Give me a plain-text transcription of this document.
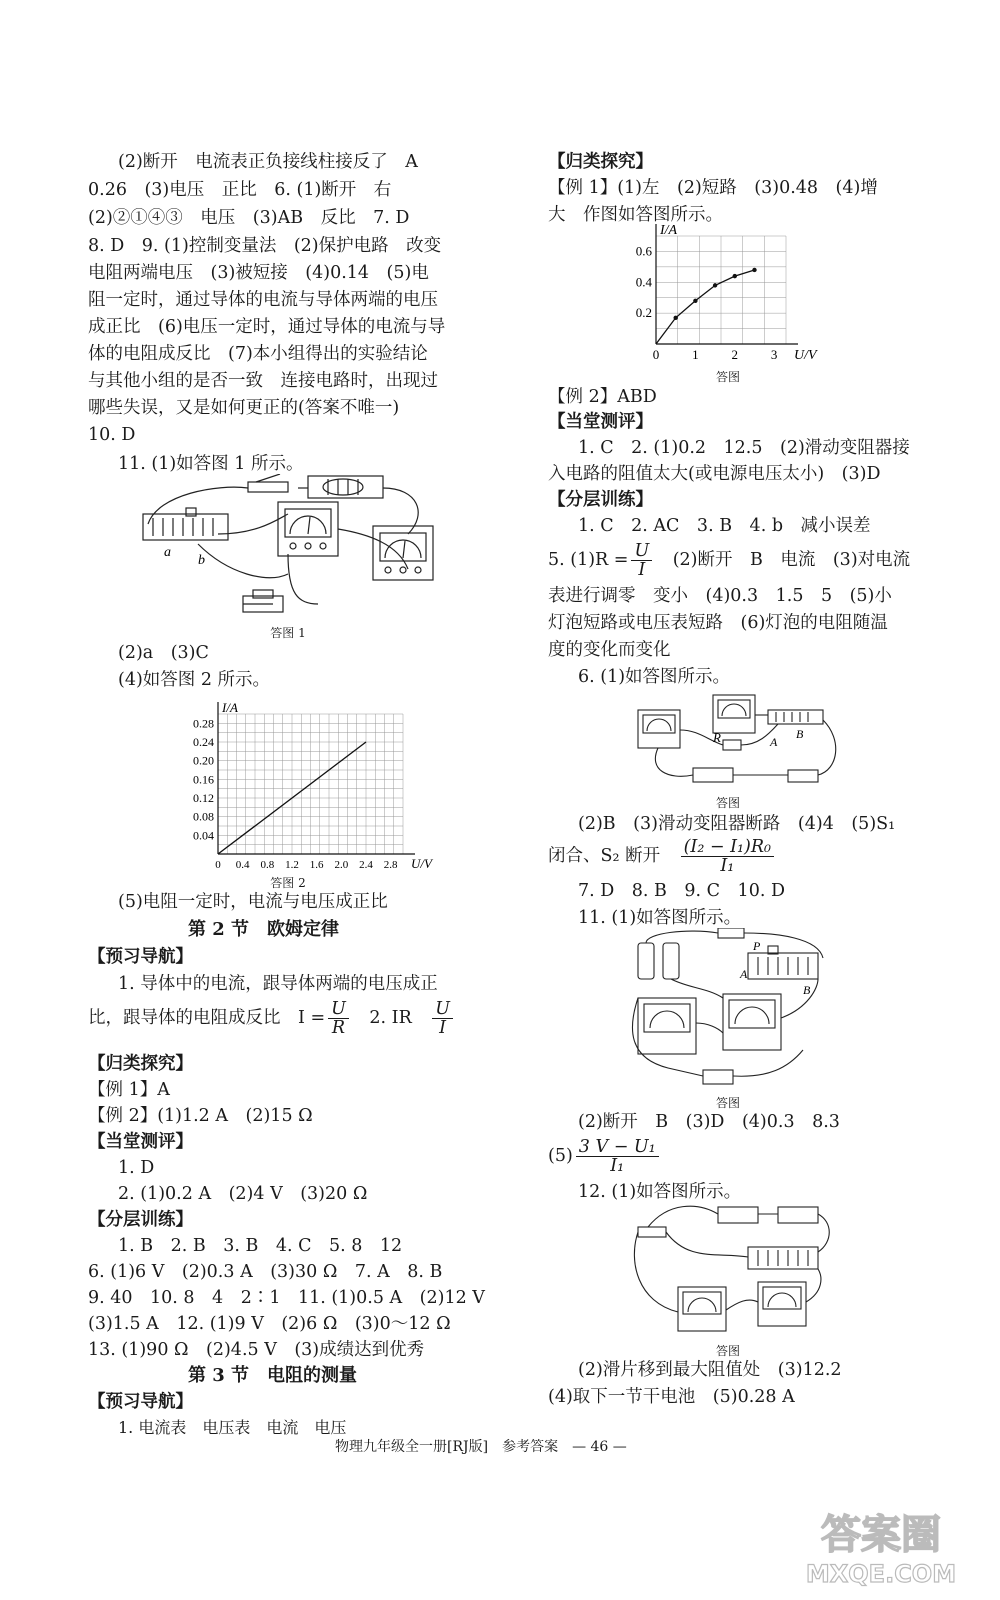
(2)断开　电流表正负接线柱接反了　A
0.26　(3)电压　正比　6. (1)断开　右
(2)②①④③　电压　(3)AB　反比　7. D
8. D　9. (1)控制变量法　(2)保护电路　改变
电阻两端电压　(3)被短接　(4)0.14　(5)电
阻一定时，通过导体的电流与导体两端的电压
成正比　(6)电压一定时，通过导体的电流与导
体的电阻成反比　(7)本小组得出的实验结论
与其他小组的是否一致　连接电路时，出现过
哪些失误，又是如何更正的(答案不唯一)
10. D
11. (1)如答图 1 所示。
a
b
答图 1
(2)a　(3)C
(4)如答图 2 所示。
0.04
0.08
0.12
0.16
0.20
0.24
0.28
0 0.4 0.8 1.2 1.6 2.0 2.4 2.8
I/A
U/V
答图 2
(5)电阻一定时，电流与电压成正比
第 2 节　欧姆定律
【预习导航】
1. 导体中的电流，跟导体两端的电压成正
比，跟导体的电阻成反比　$I = \frac{U}{R}$
　 2. IR　 $\frac{U}{I}$
【归类探究】
【例 1】A
【例 2】(1)1.2 A　(2)15 Ω
【当堂测评】
1. D
2. (1)0.2 A　(2)4 V　(3)20 Ω
【分层训练】
1. B　2. B　3. B　4. C　5. 8　12
6. (1)6 V　(2)0.3 A　(3)30 Ω　7. A　8. B
9. 40　10. 8　4　2∶1　11. (1)0.5 A　(2)12 V
(3)1.5 A　12. (1)9 V　(2)6 Ω　(3)0～12 Ω
13. (1)90 Ω　(2)4.5 V　(3)成绩达到优秀
第 3 节　电阻的测量
【预习导航】
1. 电流表　电压表　电流　电压
【归类探究】
【例 1】(1)左　(2)短路　(3)0.48　(4)增
大　作图如答图所示。
0.2
0.4
0.6
0	1	2	3
I/A
U/V
答图
【例 2】ABD
【当堂测评】
1. C　2. (1)0.2　12.5　(2)滑动变阻器接
入电路的阻值太大(或电源电压太小)　(3)D
【分层训练】
1. C　2. AC　3. B　4. b　减小误差
5. $(1)R = \frac{U}{I}$
　 (2)断开　B　电流　(3)对电流
表进行调零　变小　(4)0.3　1.5　5　(5)小
灯泡短路或电压表短路　(6)灯泡的电阻随温
度的变化而变化
6. (1)如答图所示。
R	A
B
答图
(2)B　(3)滑动变阻器断路　(4)4　(5)S₁
闭合、S₂ 断开　 $\frac{\text{(I₂ − I₁)R₀}}{\text{I₁}}$
7. D　8. B　9. C　10. D
11. (1)如答图所示。
P
A
B
答图
(2)断开　B　(3)D　(4)0.3　8.3
$(5) \frac{\text{3 V − U₁}}{\text{I₁}}$
12. (1)如答图所示。
答图
(2)滑片移到最大阻值处　(3)12.2
(4)取下一节干电池　(5)0.28 A
物理九年级全一册[RJ版]　 参考答案　 — 46 —
答案圈
MXQE.COM
